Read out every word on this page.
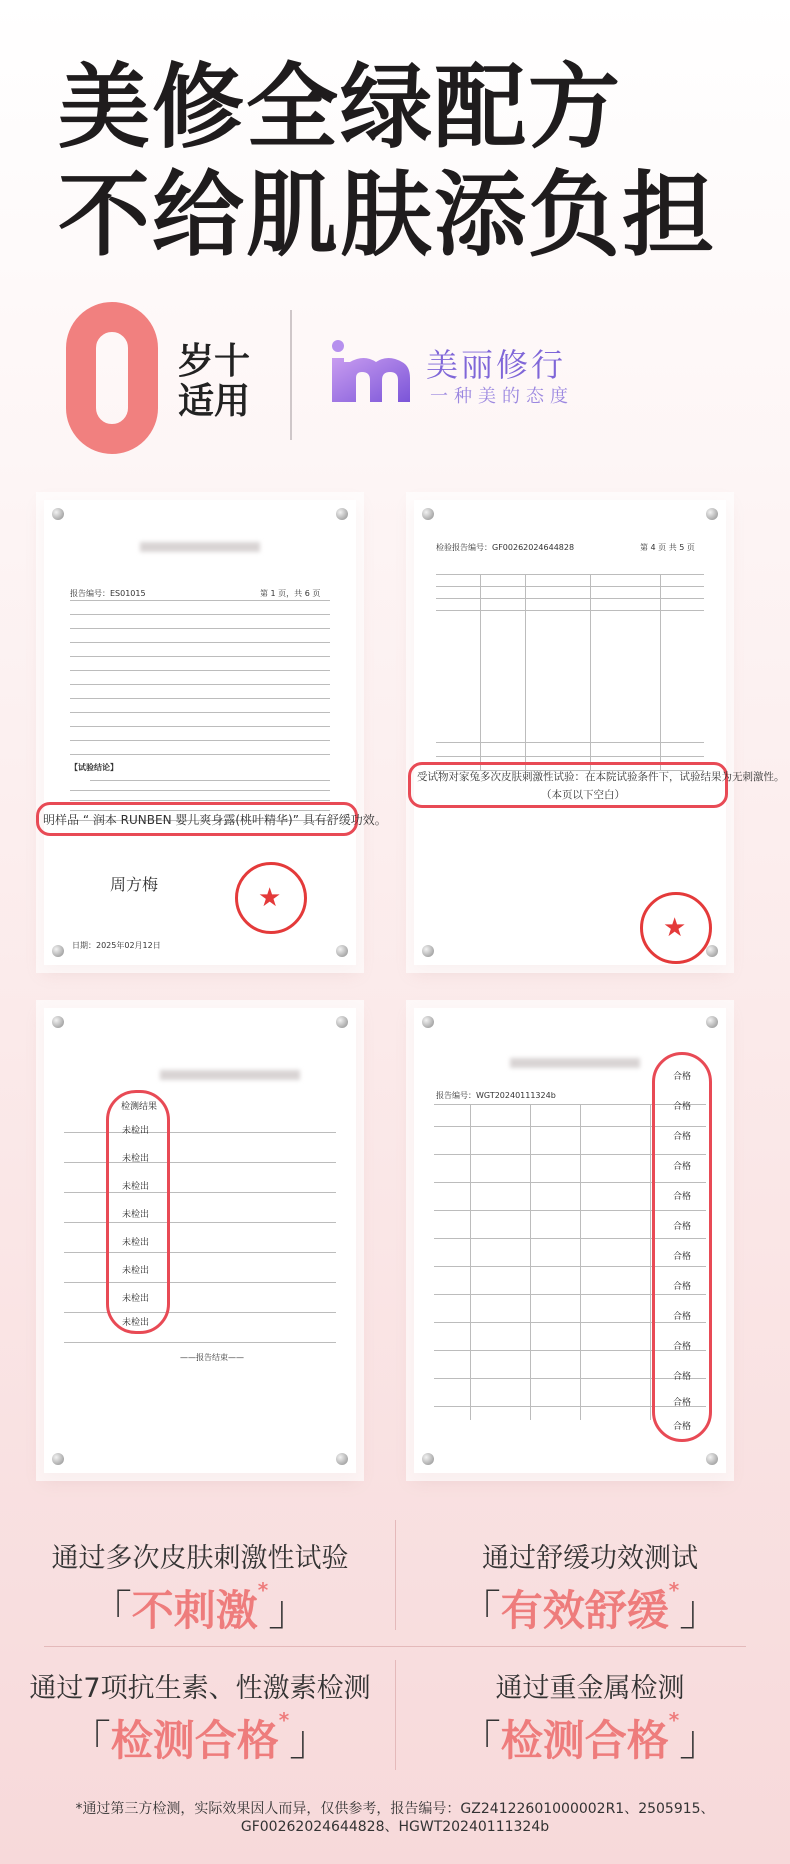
美修全绿配方
不给肌肤添负担
岁十
适用
美丽修行
一种美的态度
报告编号：ES01015	第 1 页，共 6 页
【试验结论】
周方梅
日期：2025年02月12日
★
明样品 “ 润本 RUNBEN 婴儿爽身露(桃叶精华)” 具有舒缓功效。
检验报告编号：GF00262024644828	第 4 页 共 5 页
★
受试物对家兔多次皮肤刺激性试验：在本院试验条件下，试验结果为无刺激性。
（本页以下空白）
——报告结束——
检测结果
未检出
未检出
未检出
未检出
未检出
未检出
未检出
未检出
报告编号：WGT20240111324b
合格
合格
合格
合格
合格
合格
合格
合格
合格
合格
合格
合格
合格
通过多次皮肤刺激性试验
「不刺激*」
通过舒缓功效测试
「有效舒缓*」
通过7项抗生素、性激素检测
「检测合格*」
通过重金属检测
「检测合格*」
*通过第三方检测，实际效果因人而异，仅供参考，报告编号：GZ24122601000002R1、2505915、
GF00262024644828、HGWT20240111324b
